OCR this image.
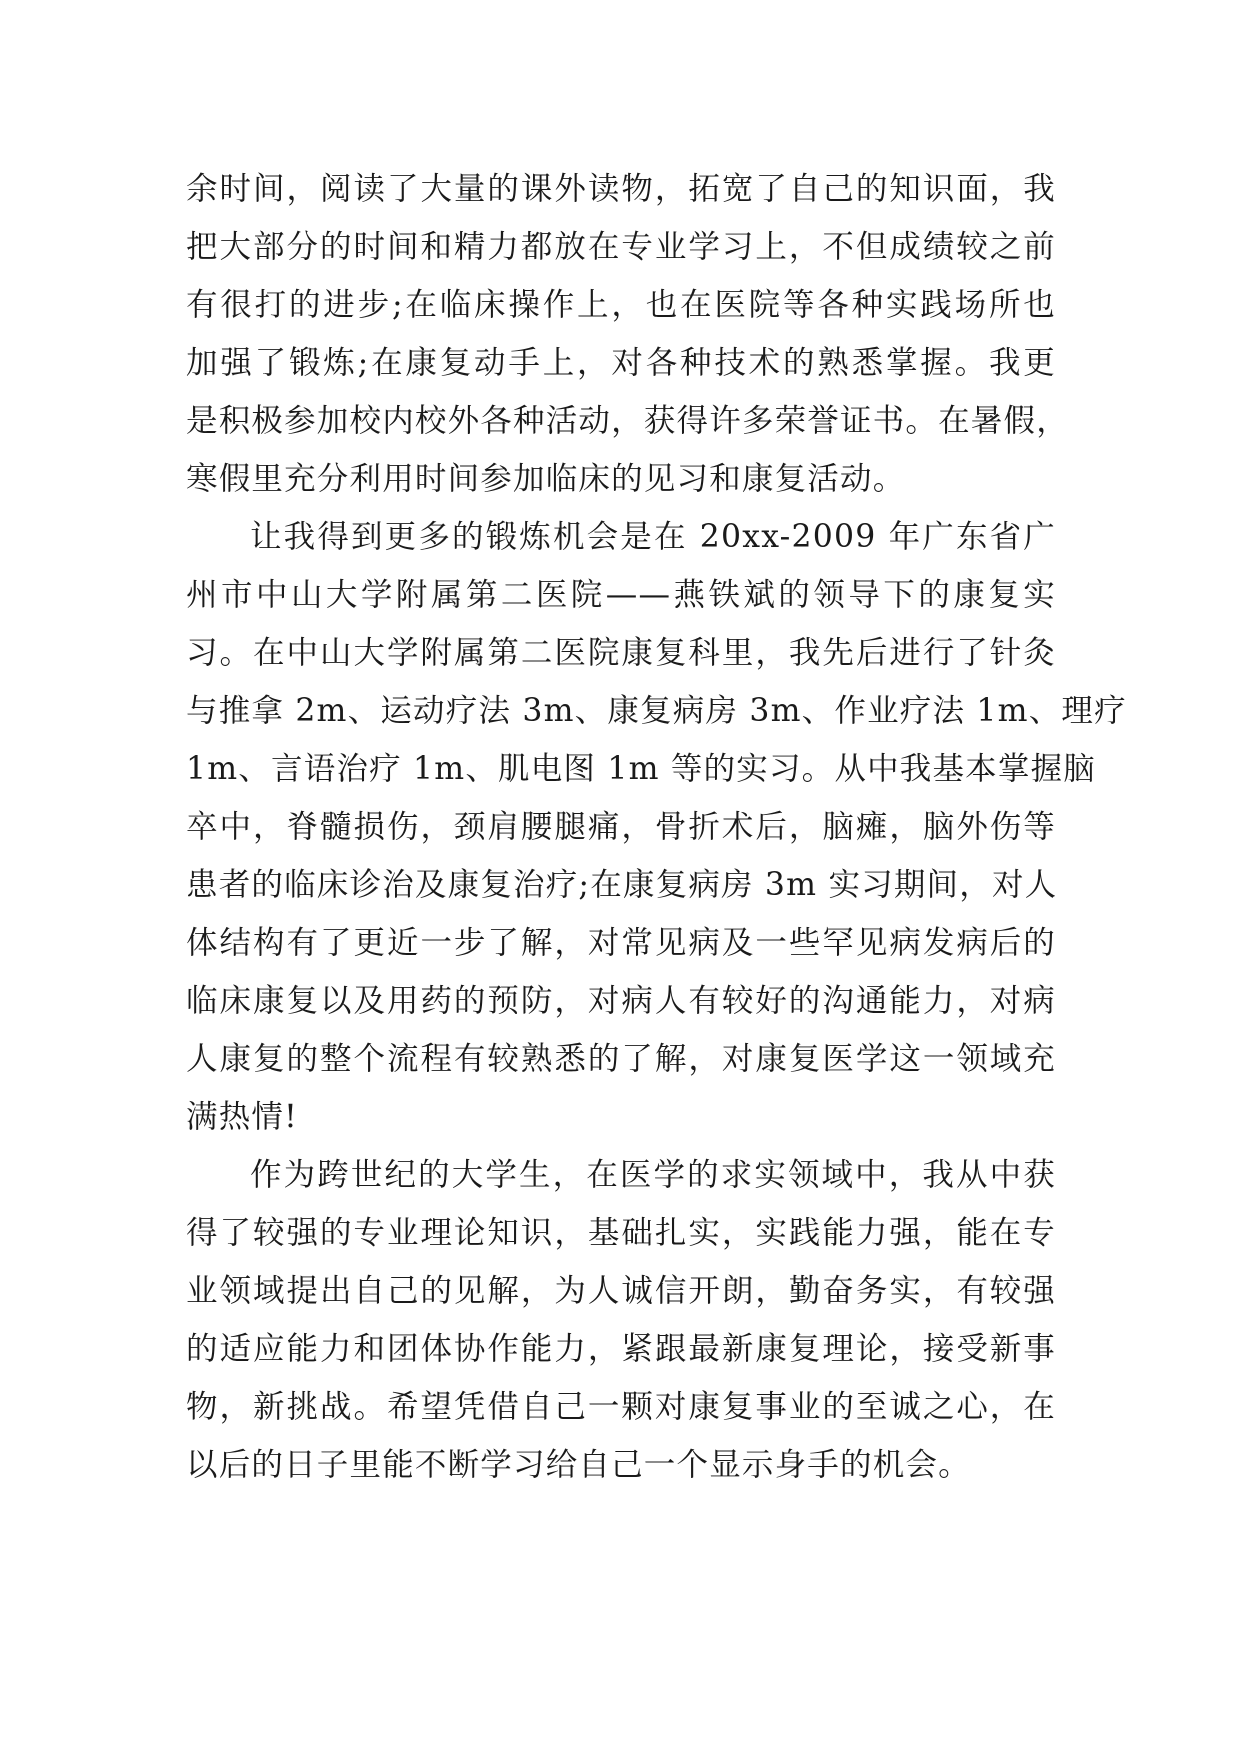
余时间，阅读了大量的课外读物，拓宽了自己的知识面，我
把大部分的时间和精力都放在专业学习上，不但成绩较之前
有很打的进步;在临床操作上，也在医院等各种实践场所也
加强了锻炼;在康复动手上，对各种技术的熟悉掌握。我更
是积极参加校内校外各种活动，获得许多荣誉证书。在暑假，
寒假里充分利用时间参加临床的见习和康复活动。
让我得到更多的锻炼机会是在 20xx-2009 年广东省广
州市中山大学附属第二医院——燕铁斌的领导下的康复实
习。在中山大学附属第二医院康复科里，我先后进行了针灸
与推拿 2m、运动疗法 3m、康复病房 3m、作业疗法 1m、理疗
1m、言语治疗 1m、肌电图 1m 等的实习。从中我基本掌握脑
卒中，脊髓损伤，颈肩腰腿痛，骨折术后，脑瘫，脑外伤等
患者的临床诊治及康复治疗;在康复病房 3m 实习期间，对人
体结构有了更近一步了解，对常见病及一些罕见病发病后的
临床康复以及用药的预防，对病人有较好的沟通能力，对病
人康复的整个流程有较熟悉的了解，对康复医学这一领域充
满热情!
作为跨世纪的大学生，在医学的求实领域中，我从中获
得了较强的专业理论知识，基础扎实，实践能力强，能在专
业领域提出自己的见解，为人诚信开朗，勤奋务实，有较强
的适应能力和团体协作能力，紧跟最新康复理论，接受新事
物，新挑战。希望凭借自己一颗对康复事业的至诚之心，在
以后的日子里能不断学习给自己一个显示身手的机会。
